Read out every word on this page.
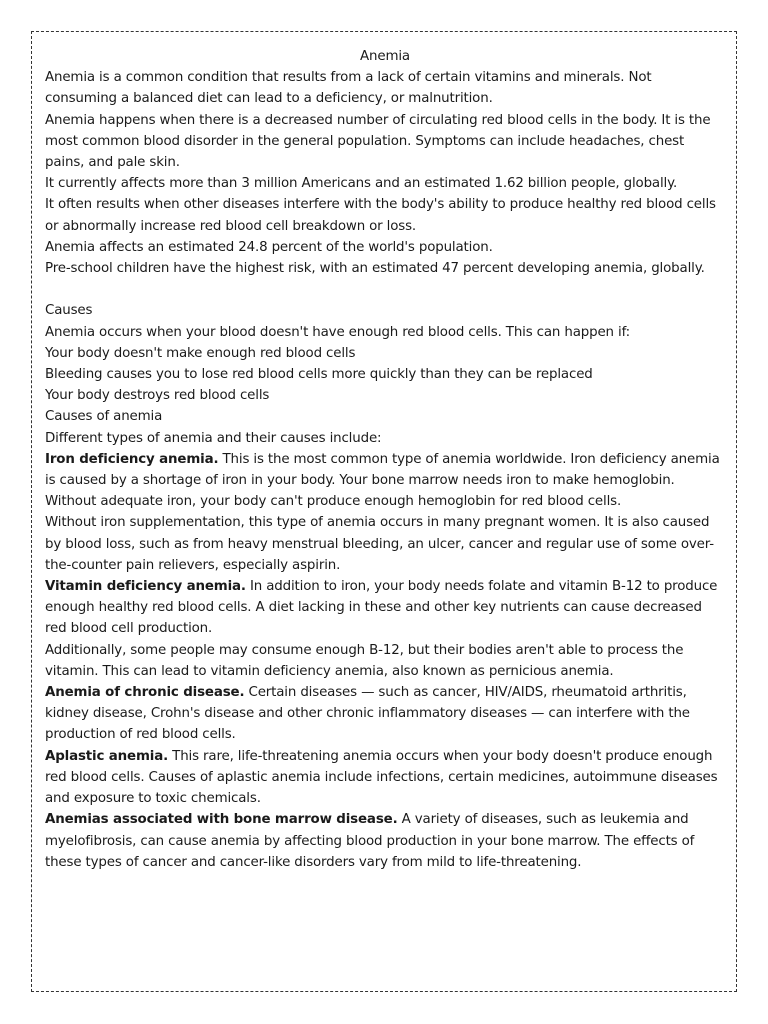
Anemia

Anemia is a common condition that results from a lack of certain vitamins and minerals. Not consuming a balanced diet can lead to a deficiency, or malnutrition.

Anemia happens when there is a decreased number of circulating red blood cells in the body. It is the most common blood disorder in the general population. Symptoms can include headaches, chest pains, and pale skin.

It currently affects more than 3 million Americans and an estimated 1.62 billion people, globally.

It often results when other diseases interfere with the body's ability to produce healthy red blood cells or abnormally increase red blood cell breakdown or loss.

Anemia affects an estimated 24.8 percent of the world's population.

Pre-school children have the highest risk, with an estimated 47 percent developing anemia, globally.

Causes

Anemia occurs when your blood doesn't have enough red blood cells. This can happen if:

Your body doesn't make enough red blood cells

Bleeding causes you to lose red blood cells more quickly than they can be replaced

Your body destroys red blood cells

Causes of anemia

Different types of anemia and their causes include:

Iron deficiency anemia. This is the most common type of anemia worldwide. Iron deficiency anemia is caused by a shortage of iron in your body. Your bone marrow needs iron to make hemoglobin. Without adequate iron, your body can't produce enough hemoglobin for red blood cells.

Without iron supplementation, this type of anemia occurs in many pregnant women. It is also caused by blood loss, such as from heavy menstrual bleeding, an ulcer, cancer and regular use of some over-the-counter pain relievers, especially aspirin.

Vitamin deficiency anemia. In addition to iron, your body needs folate and vitamin B-12 to produce enough healthy red blood cells. A diet lacking in these and other key nutrients can cause decreased red blood cell production.

Additionally, some people may consume enough B-12, but their bodies aren't able to process the vitamin. This can lead to vitamin deficiency anemia, also known as pernicious anemia.

Anemia of chronic disease. Certain diseases — such as cancer, HIV/AIDS, rheumatoid arthritis, kidney disease, Crohn's disease and other chronic inflammatory diseases — can interfere with the production of red blood cells.

Aplastic anemia. This rare, life-threatening anemia occurs when your body doesn't produce enough red blood cells. Causes of aplastic anemia include infections, certain medicines, autoimmune diseases and exposure to toxic chemicals.

Anemias associated with bone marrow disease. A variety of diseases, such as leukemia and myelofibrosis, can cause anemia by affecting blood production in your bone marrow. The effects of these types of cancer and cancer-like disorders vary from mild to life-threatening.
